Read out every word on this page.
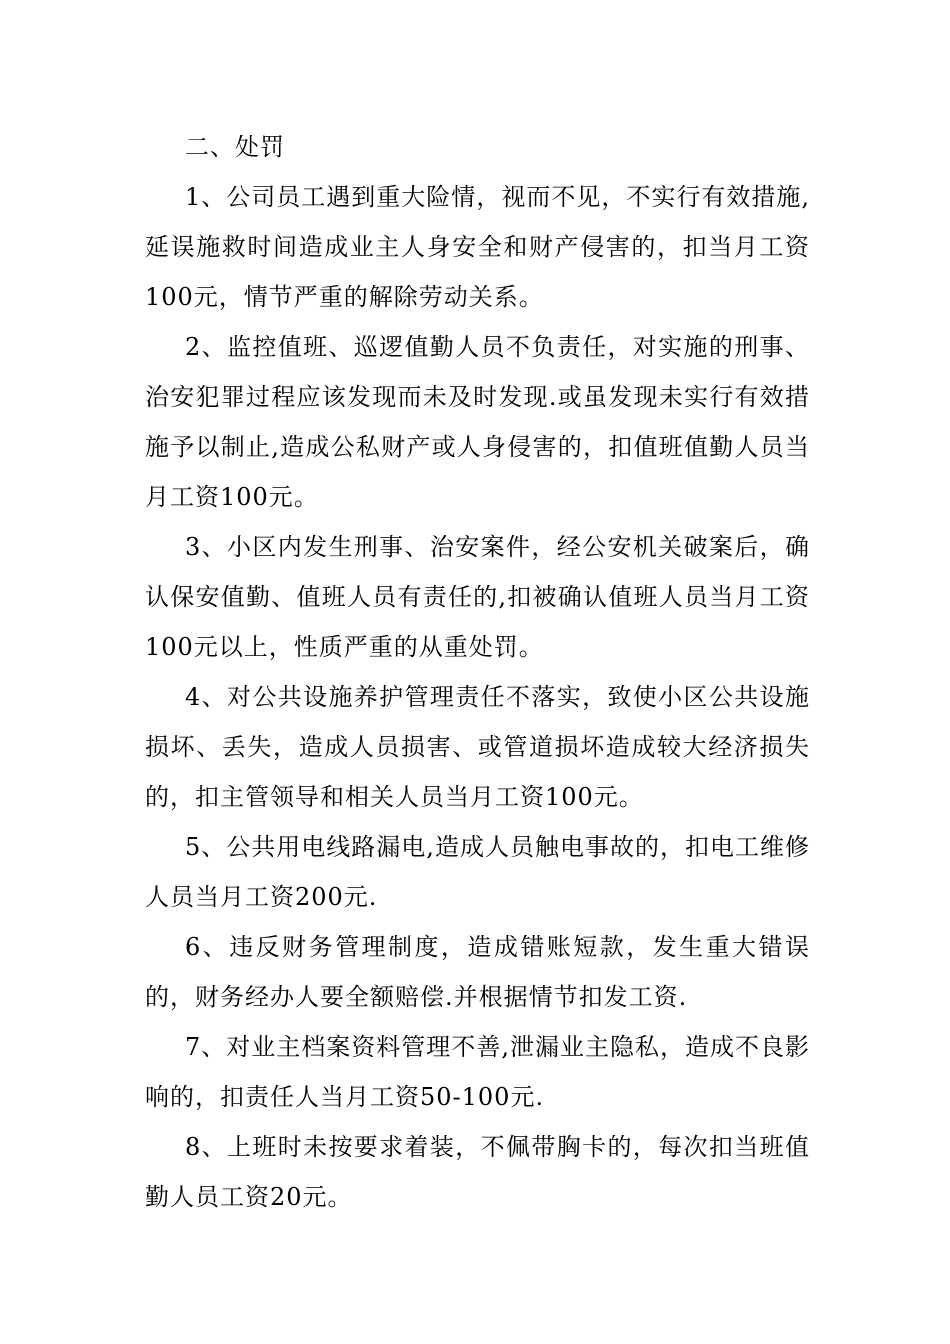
二、处罚

1、公司员工遇到重大险情，视而不见，不实行有效措施,延误施救时间造成业主人身安全和财产侵害的，扣当月工资100元，情节严重的解除劳动关系。

2、监控值班、巡逻值勤人员不负责任，对实施的刑事、治安犯罪过程应该发现而未及时发现.或虽发现未实行有效措施予以制止,造成公私财产或人身侵害的，扣值班值勤人员当月工资100元。

3、小区内发生刑事、治安案件，经公安机关破案后，确认保安值勤、值班人员有责任的,扣被确认值班人员当月工资100元以上，性质严重的从重处罚。

4、对公共设施养护管理责任不落实，致使小区公共设施损坏、丢失，造成人员损害、或管道损坏造成较大经济损失的，扣主管领导和相关人员当月工资100元。

5、公共用电线路漏电,造成人员触电事故的，扣电工维修人员当月工资200元.

6、违反财务管理制度，造成错账短款，发生重大错误的，财务经办人要全额赔偿.并根据情节扣发工资.

7、对业主档案资料管理不善,泄漏业主隐私，造成不良影响的，扣责任人当月工资50-100元.

8、上班时未按要求着装，不佩带胸卡的，每次扣当班值勤人员工资20元。
